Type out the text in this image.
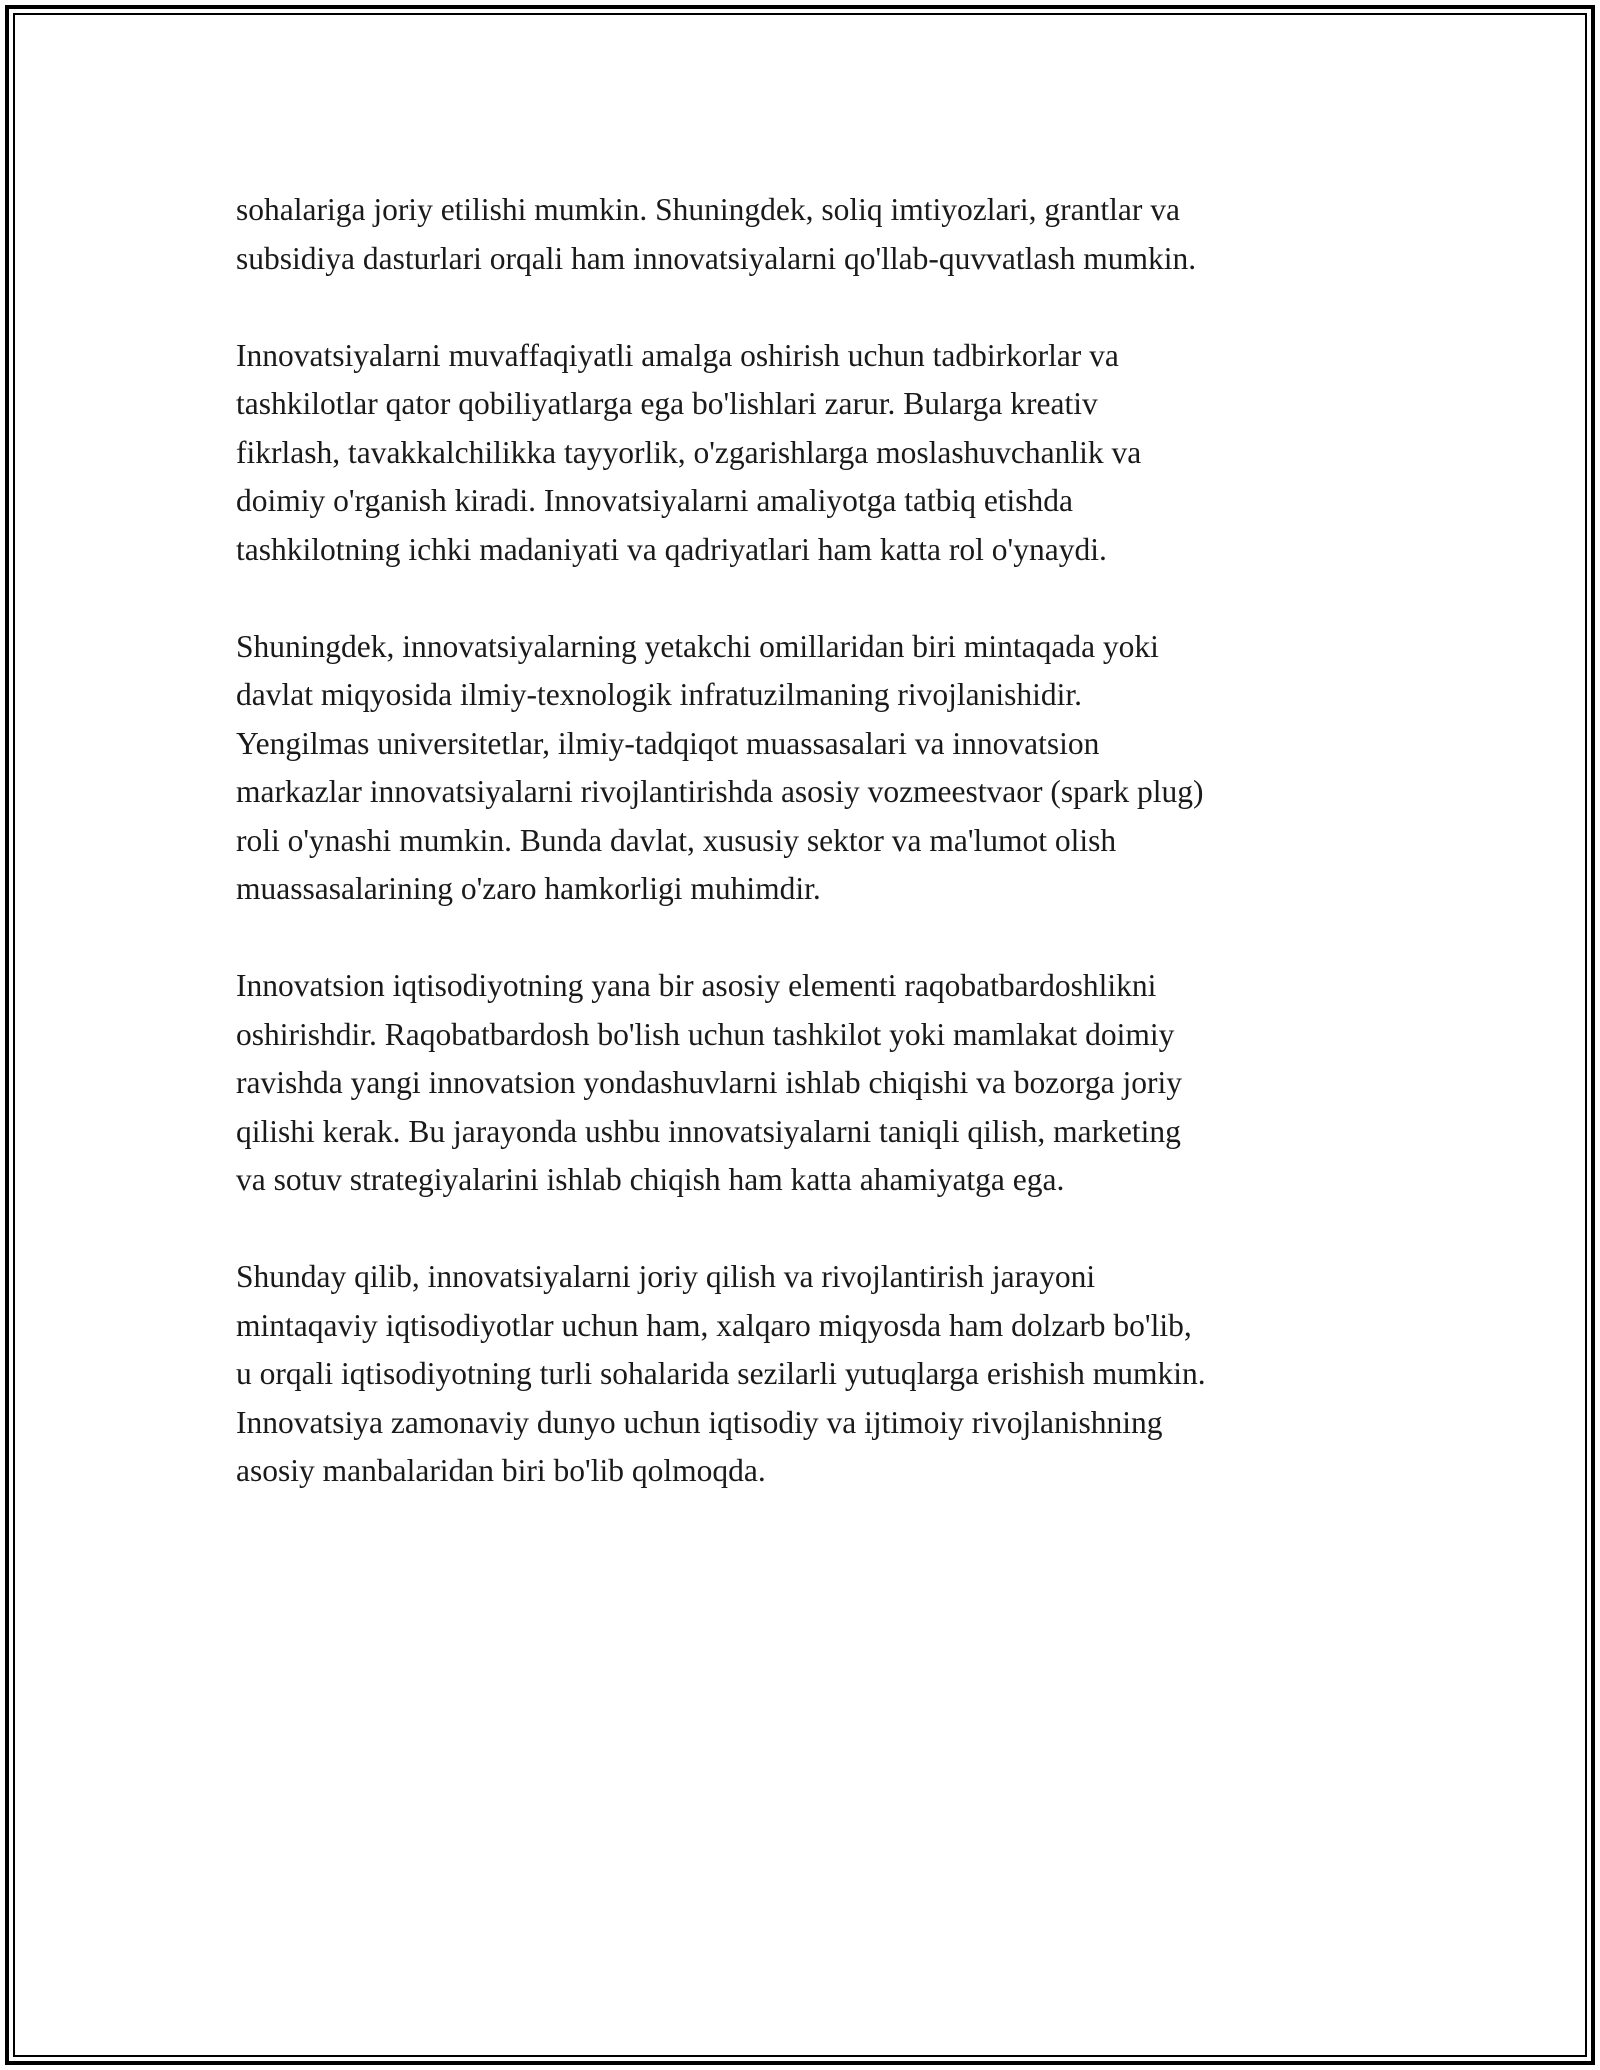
sohalariga joriy etilishi mumkin. Shuningdek, soliq imtiyozlari, grantlar va
subsidiya dasturlari orqali ham innovatsiyalarni qo'llab-quvvatlash mumkin.

Innovatsiyalarni muvaffaqiyatli amalga oshirish uchun tadbirkorlar va
tashkilotlar qator qobiliyatlarga ega bo'lishlari zarur. Bularga kreativ
fikrlash, tavakkalchilikka tayyorlik, o'zgarishlarga moslashuvchanlik va
doimiy o'rganish kiradi. Innovatsiyalarni amaliyotga tatbiq etishda
tashkilotning ichki madaniyati va qadriyatlari ham katta rol o'ynaydi.

Shuningdek, innovatsiyalarning yetakchi omillaridan biri mintaqada yoki
davlat miqyosida ilmiy-texnologik infratuzilmaning rivojlanishidir.
Yengilmas universitetlar, ilmiy-tadqiqot muassasalari va innovatsion
markazlar innovatsiyalarni rivojlantirishda asosiy vozmeestvaor (spark plug)
roli o'ynashi mumkin. Bunda davlat, xususiy sektor va ma'lumot olish
muassasalarining o'zaro hamkorligi muhimdir.

Innovatsion iqtisodiyotning yana bir asosiy elementi raqobatbardoshlikni
oshirishdir. Raqobatbardosh bo'lish uchun tashkilot yoki mamlakat doimiy
ravishda yangi innovatsion yondashuvlarni ishlab chiqishi va bozorga joriy
qilishi kerak. Bu jarayonda ushbu innovatsiyalarni taniqli qilish, marketing
va sotuv strategiyalarini ishlab chiqish ham katta ahamiyatga ega.

Shunday qilib, innovatsiyalarni joriy qilish va rivojlantirish jarayoni
mintaqaviy iqtisodiyotlar uchun ham, xalqaro miqyosda ham dolzarb bo'lib,
u orqali iqtisodiyotning turli sohalarida sezilarli yutuqlarga erishish mumkin.
Innovatsiya zamonaviy dunyo uchun iqtisodiy va ijtimoiy rivojlanishning
asosiy manbalaridan biri bo'lib qolmoqda.
